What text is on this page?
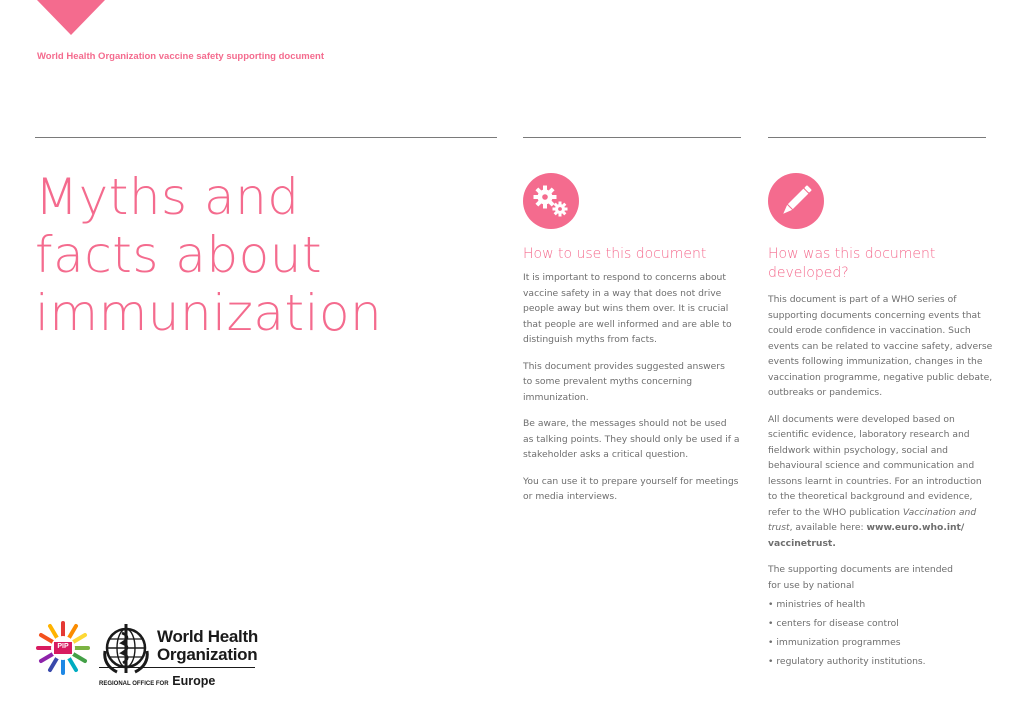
World Health Organization vaccine safety supporting document
Myths and
facts about
immunization
How to use this document

It is important to respond to concerns about
vaccine safety in a way that does not drive
people away but wins them over. It is crucial
that people are well informed and are able to
distinguish myths from facts.

This document provides suggested answers
to some prevalent myths concerning
immunization.

Be aware, the messages should not be used
as talking points. They should only be used if a
stakeholder asks a critical question.

You can use it to prepare yourself for meetings
or media interviews.

How was this document
developed?

This document is part of a WHO series of
supporting documents concerning events that
could erode confidence in vaccination. Such
events can be related to vaccine safety, adverse
events following immunization, changes in the
vaccination programme, negative public debate,
outbreaks or pandemics.

All documents were developed based on
scientific evidence, laboratory research and
fieldwork within psychology, social and
behavioural science and communication and
lessons learnt in countries. For an introduction
to the theoretical background and evidence,
refer to the WHO publication Vaccination and
trust, available here: www.euro.who.int/
vaccinetrust.

The supporting documents are intended
for use by national

• ministries of health
• centers for disease control
• immunization programmes
• regulatory authority institutions.
PIP
World Health
Organization
REGIONAL OFFICE FOR Europe
